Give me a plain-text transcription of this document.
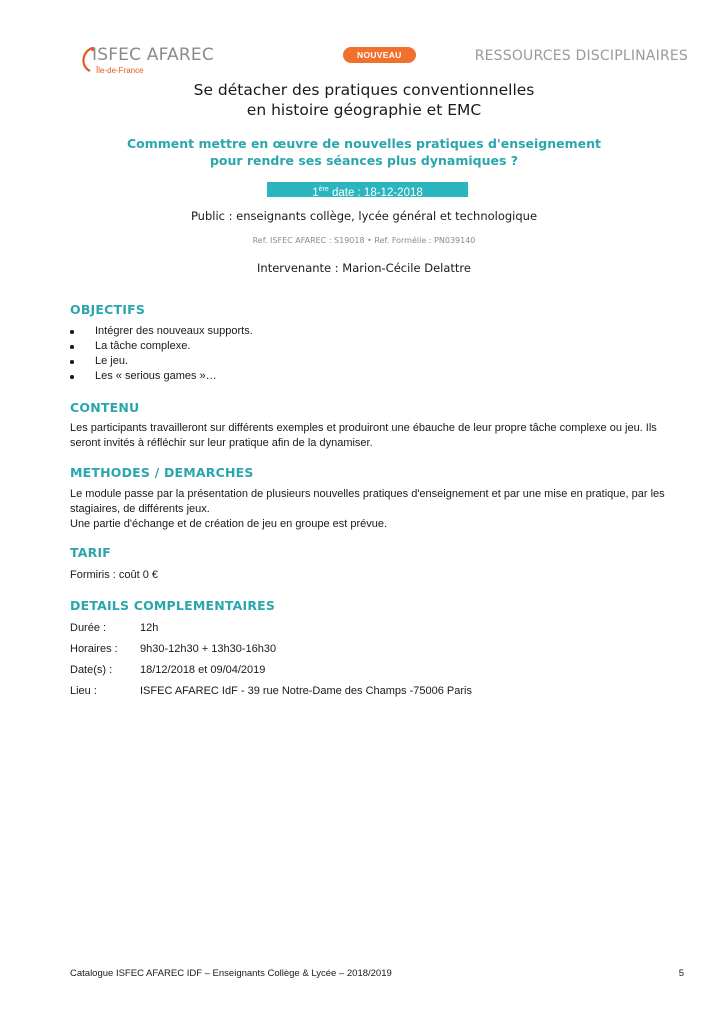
ISFEC AFAREC
Île-de-France
NOUVEAU	RESSOURCES DISCIPLINAIRES
Se détacher des pratiques conventionnelles
en histoire géographie et EMC
Comment mettre en œuvre de nouvelles pratiques d'enseignement
pour rendre ses séances plus dynamiques ?
1ère date : 18-12-2018
Public : enseignants collège, lycée général et technologique
Ref. ISFEC AFAREC : S19018 • Ref. Formélie : PN039140
Intervenante : Marion-Cécile Delattre
OBJECTIFS
Intégrer des nouveaux supports.
La tâche complexe.
Le jeu.
Les « serious games »…
CONTENU
Les participants travailleront sur différents exemples et produiront une ébauche de leur propre tâche complexe ou jeu. Ils seront invités à réfléchir sur leur pratique afin de la dynamiser.
METHODES / DEMARCHES
Le module passe par la présentation de plusieurs nouvelles pratiques d'enseignement et par une mise en pratique, par les stagiaires, de différents jeux.
Une partie d'échange et de création de jeu en groupe est prévue.
TARIF
Formiris : coût 0 €
DETAILS COMPLEMENTAIRES
Durée :	12h
Horaires : 9h30-12h30 + 13h30-16h30
Date(s) :	18/12/2018 et 09/04/2019
Lieu :	ISFEC AFAREC IdF - 39 rue Notre-Dame des Champs -75006 Paris
Catalogue ISFEC AFAREC IDF – Enseignants Collège & Lycée – 2018/2019	5
